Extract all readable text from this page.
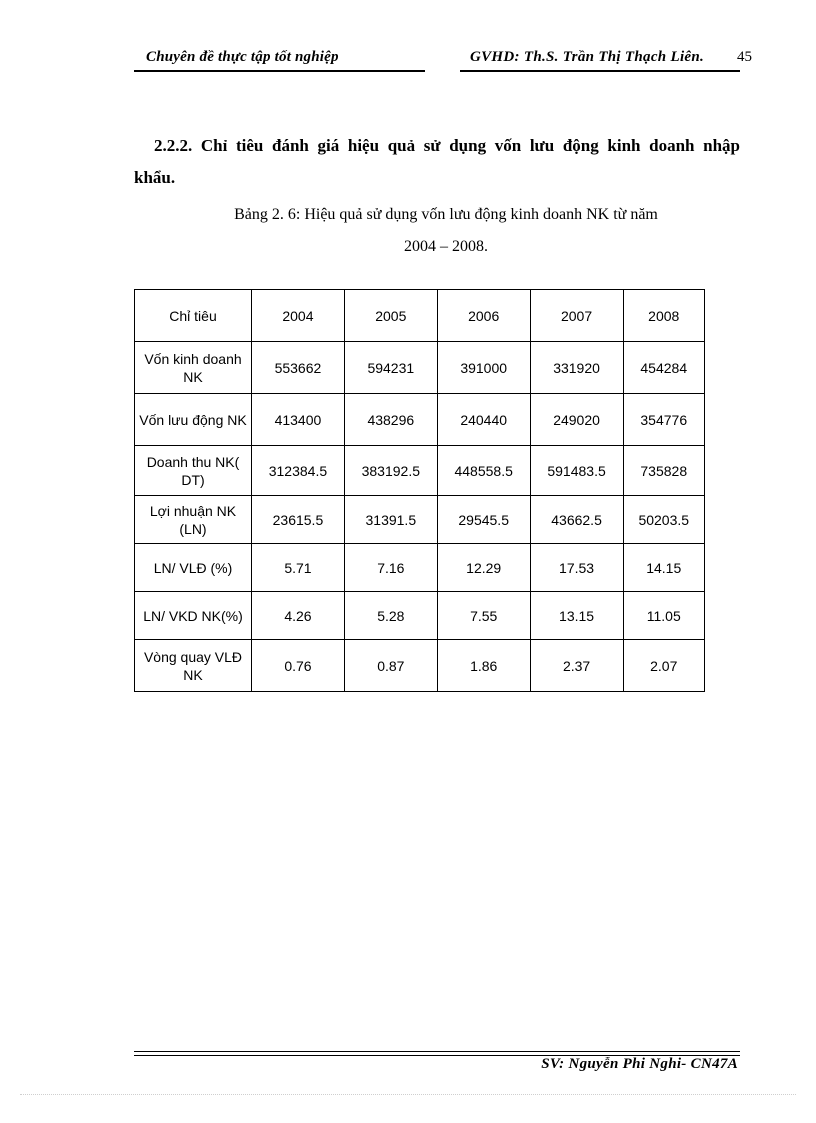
Chuyên đề thực tập tốt nghiệp	GVHD: Th.S. Trần Thị Thạch Liên. 45
2.2.2. Chỉ tiêu đánh giá hiệu quả sử dụng vốn lưu động kinh doanh nhập khẩu.
Bảng 2. 6: Hiệu quả sử dụng vốn lưu động kinh doanh NK từ năm
2004 – 2008.
Chỉ tiêu	2004	2005	2006	2007	2008
Vốn kinh doanh NK	553662	594231	391000	331920	454284
Vốn lưu động NK	413400	438296	240440	249020	354776
Doanh thu NK( DT)	312384.5	383192.5	448558.5	591483.5	735828
Lợi nhuận NK (LN)	23615.5	31391.5	29545.5	43662.5	50203.5
LN/ VLĐ (%)	5.71	7.16	12.29	17.53	14.15
LN/ VKD NK(%)	4.26	5.28	7.55	13.15	11.05
Vòng quay VLĐ NK	0.76	0.87	1.86	2.37	2.07
SV: Nguyễn Phi Nghi- CN47A
